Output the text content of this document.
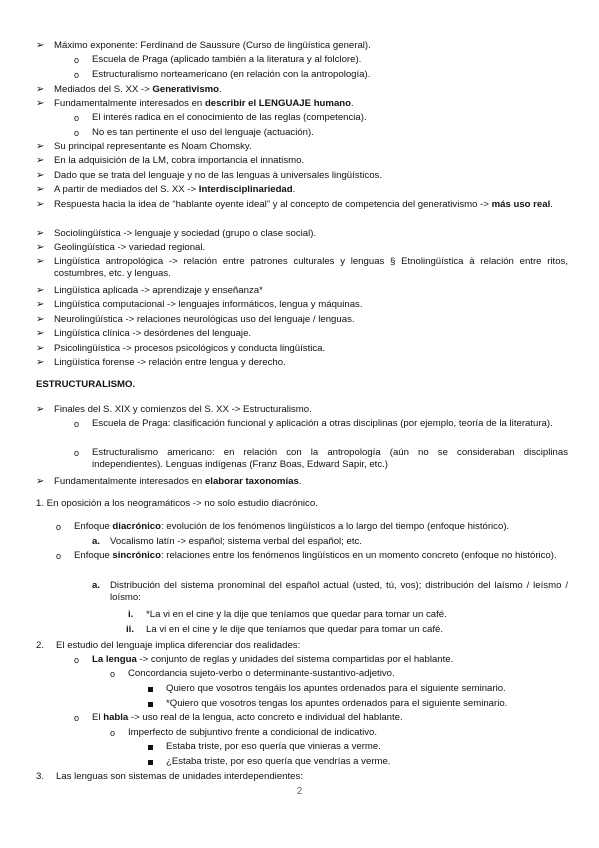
➢
o
o
➢
➢
o
o
➢
➢
➢
➢
➢
➢
➢
➢
➢
➢
➢
➢
➢
➢
➢
o
o
➢
o
a.
o
a.
i.
ii.
2.
o
o
o
o
3.
Máximo exponente: Ferdinand de Saussure (Curso de lingüística general).
Escuela de Praga (aplicado también a la literatura y al folclore).
Estructuralismo norteamericano (en relación con la antropología).
Mediados del S. XX -> Generativismo.
Fundamentalmente interesados en describir el LENGUAJE humano.
El interés radica en el conocimiento de las reglas (competencia).
No es tan pertinente el uso del lenguaje (actuación).
Su principal representante es Noam Chomsky.
En la adquisición de la LM, cobra importancia el innatismo.
Dado que se trata del lenguaje y no de las lenguas à universales lingüísticos.
A partir de mediados del S. XX -> Interdisciplinariedad.
Respuesta hacia la idea de “hablante oyente ideal” y al concepto de competencia del generativismo -> más uso real.
Sociolingüística -> lenguaje y sociedad (grupo o clase social).
Geolingüística -> variedad regional.
Lingüística antropológica -> relación entre patrones culturales y lenguas § Etnolingüística à relación entre ritos, costumbres, etc. y lenguas.
Lingüística aplicada -> aprendizaje y enseñanza*
Lingüística computacional -> lenguajes informáticos, lengua y máquinas.
Neurolingüística -> relaciones neurológicas uso del lenguaje / lenguas.
Lingüística clínica -> desórdenes del lenguaje.
Psicolingüística -> procesos psicológicos y conducta lingüística.
Lingüística forense -> relación entre lengua y derecho.
ESTRUCTURALISMO.
Finales del S. XIX y comienzos del S. XX -> Estructuralismo.
Escuela de Praga: clasificación funcional y aplicación a otras disciplinas (por ejemplo, teoría de la literatura).
Estructuralismo americano: en relación con la antropología (aún no se consideraban disciplinas independientes). Lenguas indígenas (Franz Boas, Edward Sapir, etc.)
Fundamentalmente interesados en elaborar taxonomías.
1. En oposición a los neogramáticos -> no solo estudio diacrónico.
Enfoque diacrónico: evolución de los fenómenos lingüísticos a lo largo del tiempo (enfoque histórico).
Vocalismo latín -> español; sistema verbal del español; etc.
Enfoque sincrónico: relaciones entre los fenómenos lingüísticos en un momento concreto (enfoque no histórico).
Distribución del sistema pronominal del español actual (usted, tú, vos); distribución del laísmo / leísmo / loísmo:
*La vi en el cine y la dije que teníamos que quedar para tomar un café.
La vi en el cine y le dije que teníamos que quedar para tomar un café.
El estudio del lenguaje implica diferenciar dos realidades:
La lengua -> conjunto de reglas y unidades del sistema compartidas por el hablante.
Concordancia sujeto-verbo o determinante-sustantivo-adjetivo.
Quiero que vosotros tengáis los apuntes ordenados para el siguiente seminario.
*Quiero que vosotros tengas los apuntes ordenados para el siguiente seminario.
El habla -> uso real de la lengua, acto concreto e individual del hablante.
Imperfecto de subjuntivo frente a condicional de indicativo.
Estaba triste, por eso quería que vinieras a verme.
¿Estaba triste, por eso quería que vendrías a verme.
Las lenguas son sistemas de unidades interdependientes:
2
